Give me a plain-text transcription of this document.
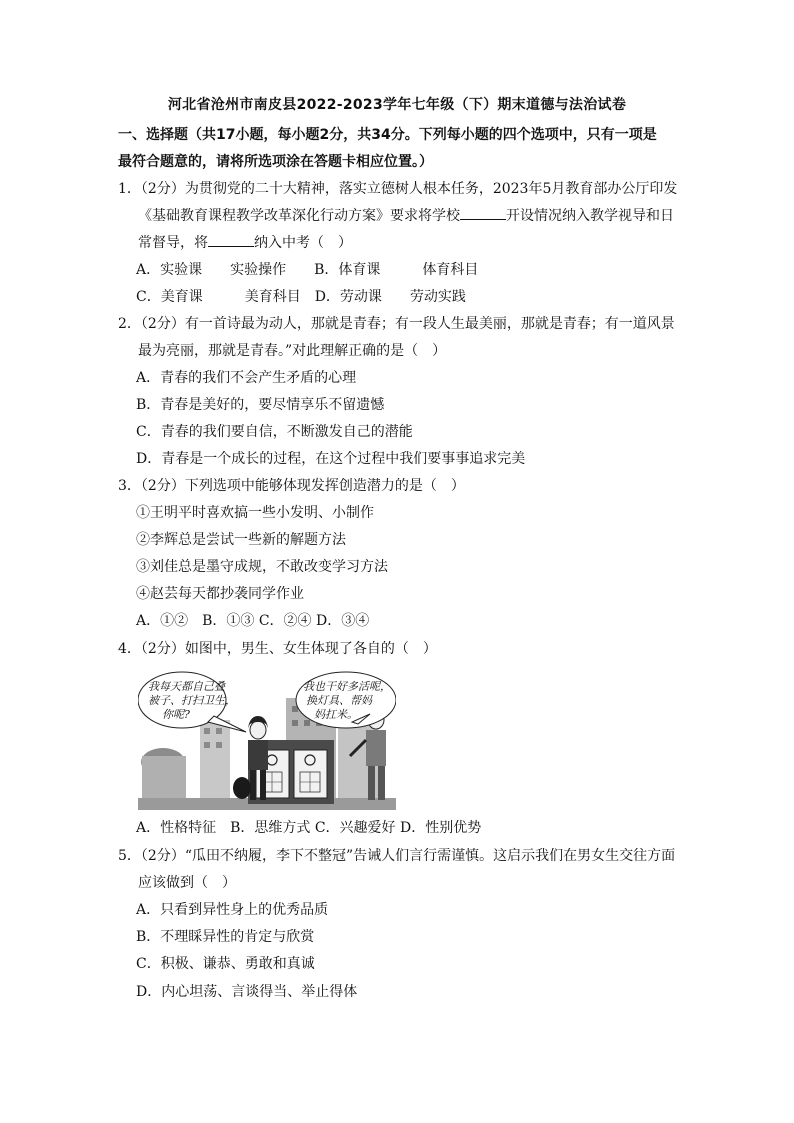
河北省沧州市南皮县2022-2023学年七年级（下）期末道德与法治试卷
一、选择题（共17小题，每小题2分，共34分。下列每小题的四个选项中，只有一项是
最符合题意的，请将所选项涂在答题卡相应位置。）
1．（2分）为贯彻党的二十大精神，落实立德树人根本任务，2023年5月教育部办公厅印发
《基础教育课程教学改革深化行动方案》要求将学校	开设情况纳入教学视导和日
常督导，将	纳入中考（　）
A．实验课　　实验操作　　B．体育课　　　体育科目
C．美育课　　　美育科目　D．劳动课　　劳动实践
2．（2分）有一首诗最为动人，那就是青春；有一段人生最美丽，那就是青春；有一道风景
最为亮丽，那就是青春。”对此理解正确的是（　）
A．青春的我们不会产生矛盾的心理
B．青春是美好的，要尽情享乐不留遗憾
C．青春的我们要自信，不断激发自己的潜能
D．青春是一个成长的过程，在这个过程中我们要事事追求完美
3．（2分）下列选项中能够体现发挥创造潜力的是（　）
①王明平时喜欢搞一些小发明、小制作
②李辉总是尝试一些新的解题方法
③刘佳总是墨守成规，不敢改变学习方法
④赵芸每天都抄袭同学作业
A．①②　B．①③ C．②④ D．③④
4．（2分）如图中，男生、女生体现了各自的（　）
我每天都自己叠
被子、打扫卫生，
你呢?
我也干好多活呢，
换灯具、帮妈
妈扛米。
A．性格特征　B．思维方式 C．兴趣爱好 D．性别优势
5．（2分）“瓜田不纳履，李下不整冠”告诫人们言行需谨慎。这启示我们在男女生交往方面
应该做到（　）
A．只看到异性身上的优秀品质
B．不理睬异性的肯定与欣赏
C．积极、谦恭、勇敢和真诚
D．内心坦荡、言谈得当、举止得体
